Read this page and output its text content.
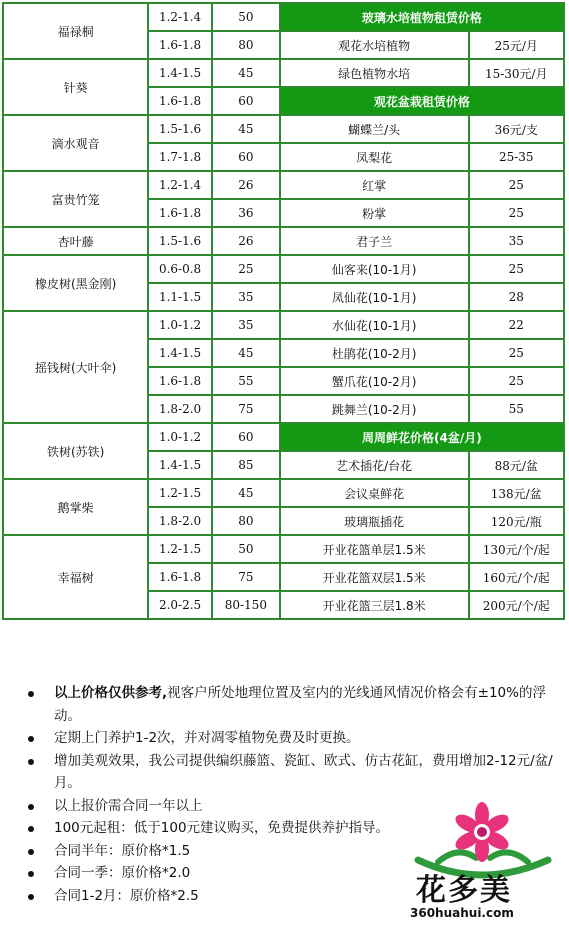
福禄桐	1.2-1.4	50	玻璃水培植物租赁价格	
	1.6-1.8	80	观花水培植物	25元/月
针葵	1.4-1.5	45	绿色植物水培	15-30元/月
	1.6-1.8	60	观花盆栽租赁价格	
滴水观音	1.5-1.6	45	蝴蝶兰/头	36元/支
	1.7-1.8	60	凤梨花	25-35
富贵竹笼	1.2-1.4	26	红掌	25
	1.6-1.8	36	粉掌	25
杏叶藤	1.5-1.6	26	君子兰	35
橡皮树(黑金刚)	0.6-0.8	25	仙客来(10-1月)	25
	1.1-1.5	35	凤仙花(10-1月)	28
摇钱树(大叶伞)	1.0-1.2	35	水仙花(10-1月)	22
	1.4-1.5	45	杜鹃花(10-2月)	25
	1.6-1.8	55	蟹爪花(10-2月)	25
	1.8-2.0	75	跳舞兰(10-2月)	55
铁树(苏铁)	1.0-1.2	60	周周鲜花价格(4盆/月)	
	1.4-1.5	85	艺术插花/台花	88元/盆
鹅掌柴	1.2-1.5	45	会议桌鲜花	138元/盆
	1.8-2.0	80	玻璃瓶插花	120元/瓶
幸福树	1.2-1.5	50	开业花篮单层1.5米	130元/个/起
	1.6-1.8	75	开业花篮双层1.5米	160元/个/起
	2.0-2.5	80-150	开业花篮三层1.8米	200元/个/起
以上价格仅供参考,视客户所处地理位置及室内的光线通风情况价格会有±10%的浮动。
定期上门养护1-2次，并对凋零植物免费及时更换。
增加美观效果，我公司提供编织藤篮、瓷缸、欧式、仿古花缸，费用增加2-12元/盆/月。
以上报价需合同一年以上
100元起租：低于100元建议购买，免费提供养护指导。
合同半年：原价格*1.5
合同一季：原价格*2.0
合同1-2月：原价格*2.5	花多美
360huahui.com
